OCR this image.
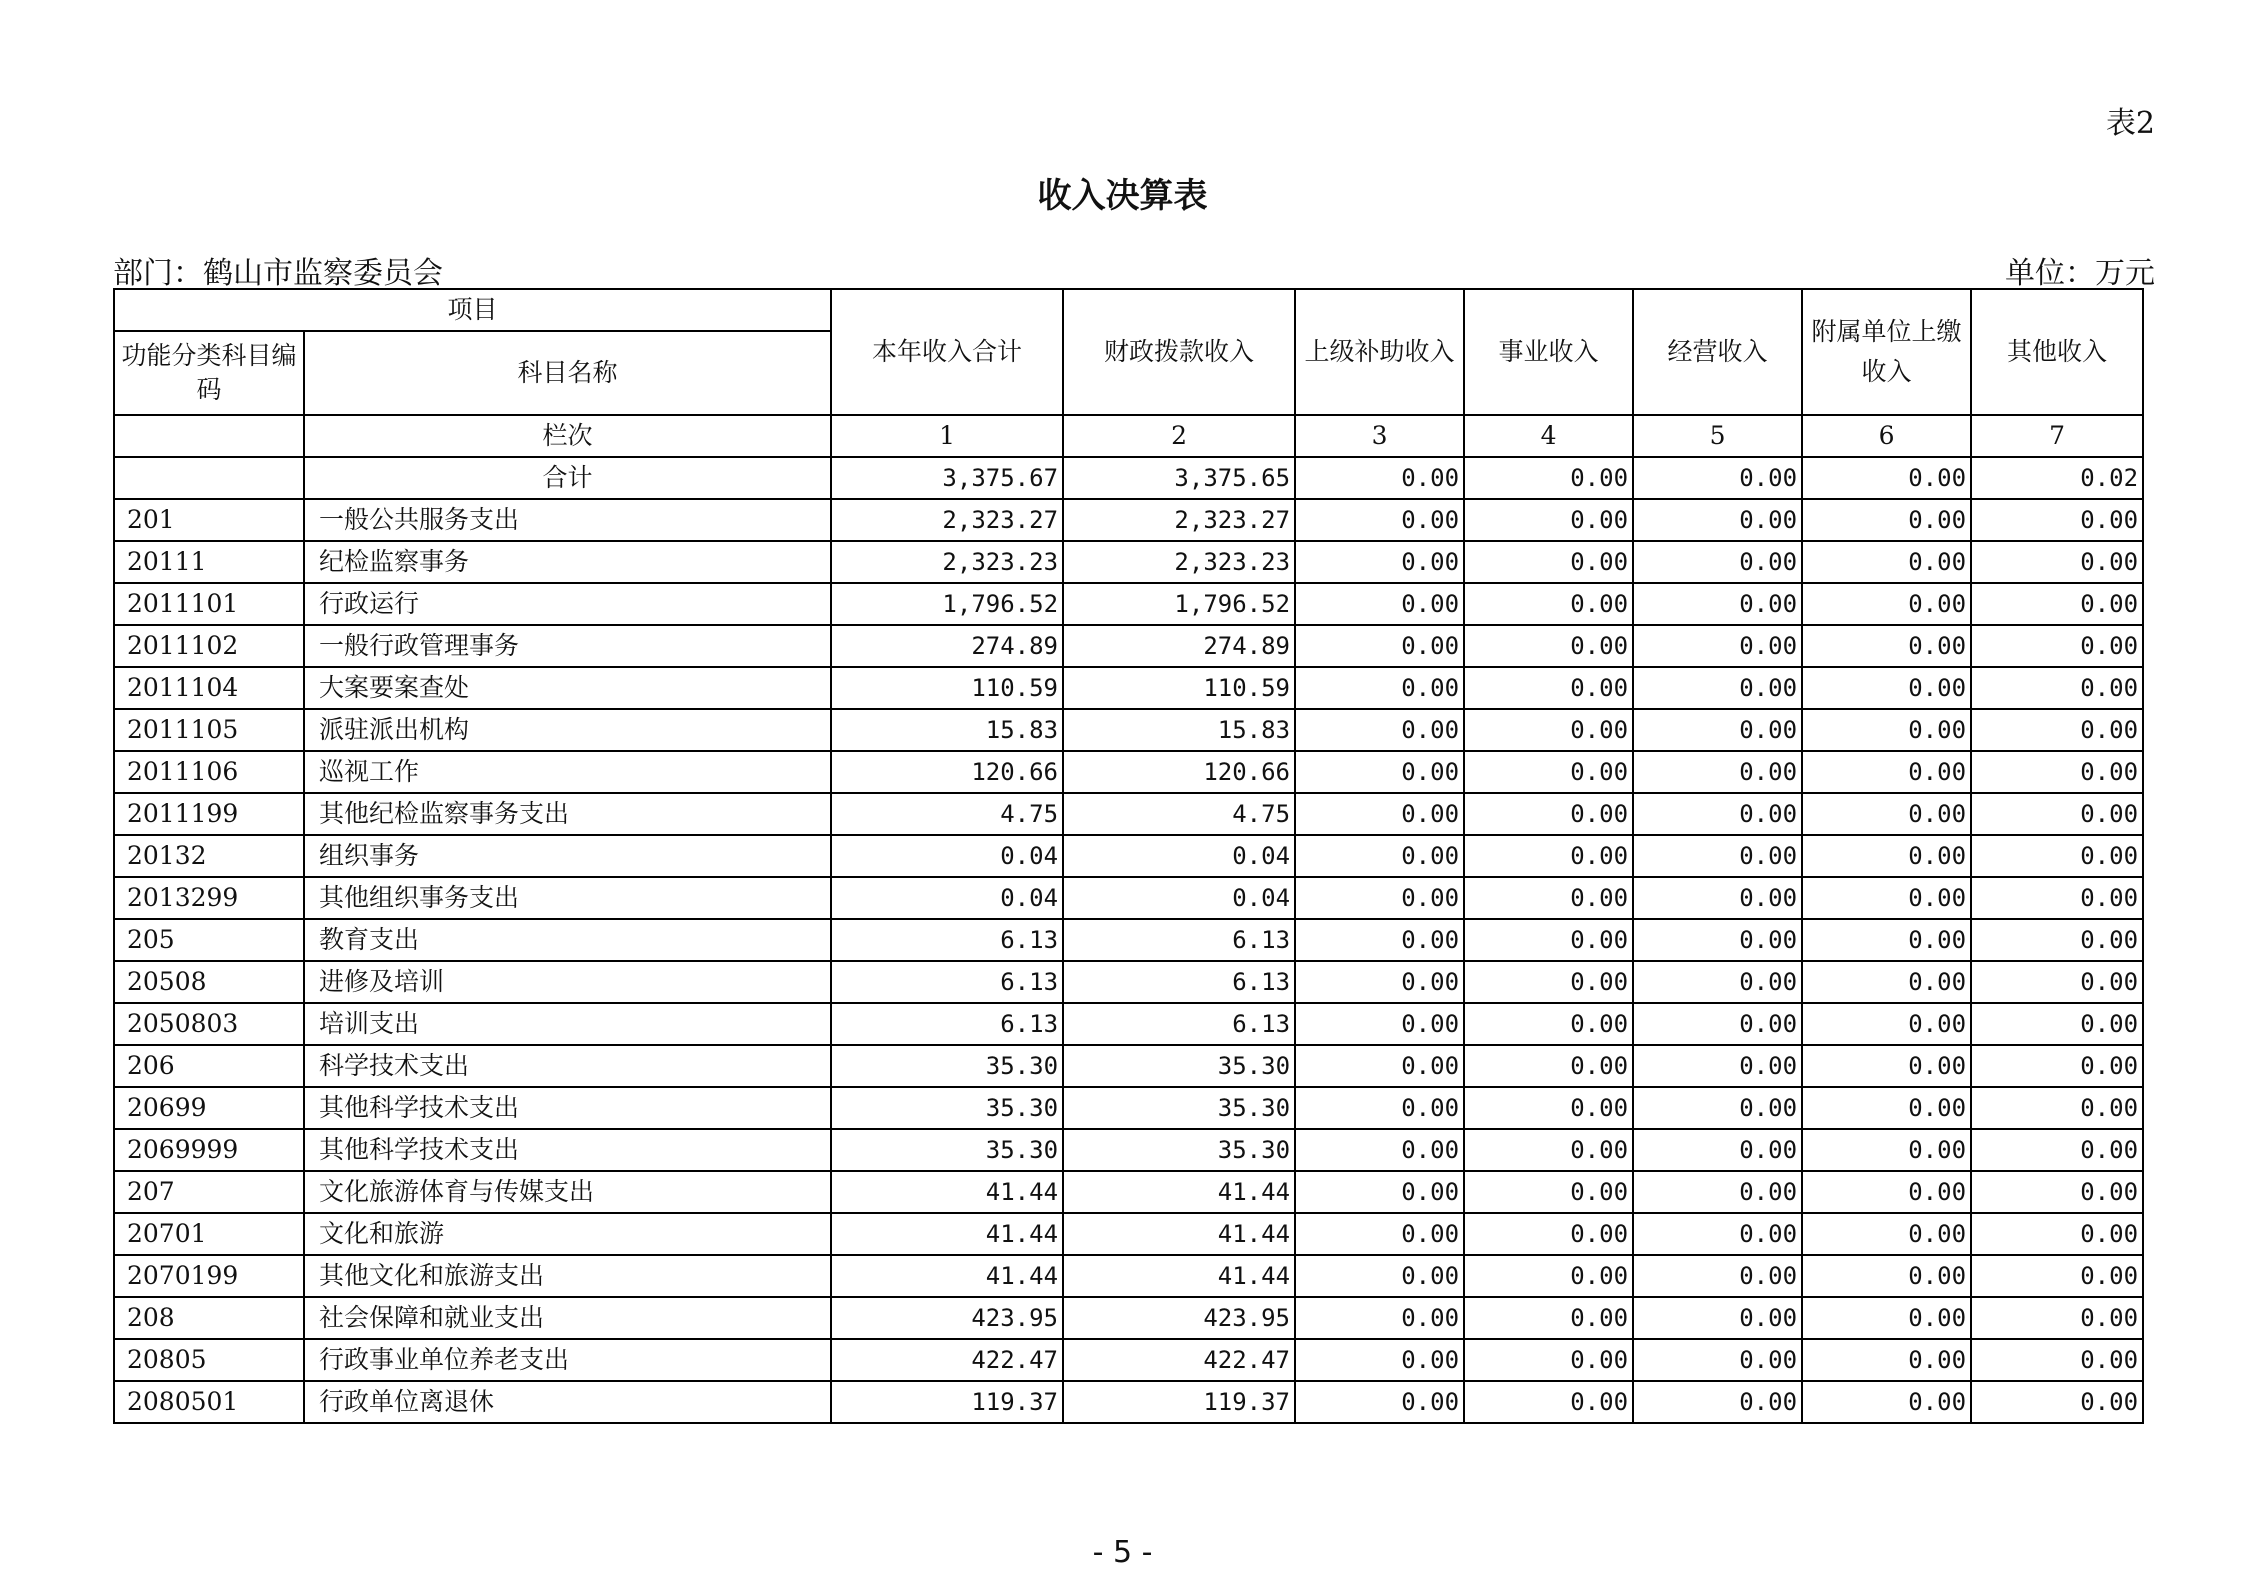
表2
收入决算表
部门：鹤山市监察委员会	单位：万元
项目		本年收入合计	财政拨款收入	上级补助收入	事业收入	经营收入	附属单位上缴收入	其他收入
功能分类科目编码	科目名称							
	栏次	1	2	3	4	5	6	7
	合计	3,375.67	3,375.65	0.00	0.00	0.00	0.00	0.02
201	一般公共服务支出	2,323.27	2,323.27	0.00	0.00	0.00	0.00	0.00
20111	纪检监察事务	2,323.23	2,323.23	0.00	0.00	0.00	0.00	0.00
2011101	行政运行	1,796.52	1,796.52	0.00	0.00	0.00	0.00	0.00
2011102	一般行政管理事务	274.89	274.89	0.00	0.00	0.00	0.00	0.00
2011104	大案要案查处	110.59	110.59	0.00	0.00	0.00	0.00	0.00
2011105	派驻派出机构	15.83	15.83	0.00	0.00	0.00	0.00	0.00
2011106	巡视工作	120.66	120.66	0.00	0.00	0.00	0.00	0.00
2011199	其他纪检监察事务支出	4.75	4.75	0.00	0.00	0.00	0.00	0.00
20132	组织事务	0.04	0.04	0.00	0.00	0.00	0.00	0.00
2013299	其他组织事务支出	0.04	0.04	0.00	0.00	0.00	0.00	0.00
205	教育支出	6.13	6.13	0.00	0.00	0.00	0.00	0.00
20508	进修及培训	6.13	6.13	0.00	0.00	0.00	0.00	0.00
2050803	培训支出	6.13	6.13	0.00	0.00	0.00	0.00	0.00
206	科学技术支出	35.30	35.30	0.00	0.00	0.00	0.00	0.00
20699	其他科学技术支出	35.30	35.30	0.00	0.00	0.00	0.00	0.00
2069999	其他科学技术支出	35.30	35.30	0.00	0.00	0.00	0.00	0.00
207	文化旅游体育与传媒支出	41.44	41.44	0.00	0.00	0.00	0.00	0.00
20701	文化和旅游	41.44	41.44	0.00	0.00	0.00	0.00	0.00
2070199	其他文化和旅游支出	41.44	41.44	0.00	0.00	0.00	0.00	0.00
208	社会保障和就业支出	423.95	423.95	0.00	0.00	0.00	0.00	0.00
20805	行政事业单位养老支出	422.47	422.47	0.00	0.00	0.00	0.00	0.00
2080501	行政单位离退休	119.37	119.37	0.00	0.00	0.00	0.00	0.00
- 5 -
